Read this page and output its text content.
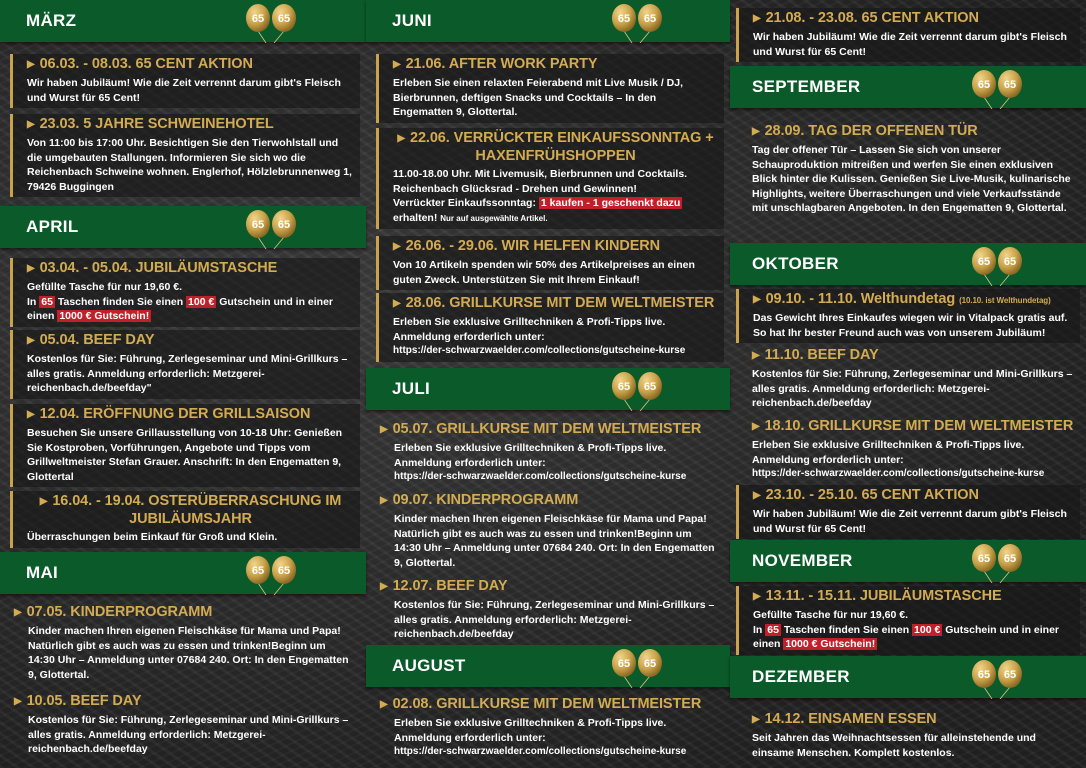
MÄRZ	65 65
▶ 06.03. - 08.03. 65 CENT AKTION
Wir haben Jubiläum! Wie die Zeit verrennt darum gibt's Fleisch und Wurst für 65 Cent!
▶ 23.03. 5 JAHRE SCHWEINEHOTEL
Von 11:00 bis 17:00 Uhr. Besichtigen Sie den Tierwohlstall und die umgebauten Stallungen. Informieren Sie sich wo die Reichenbach Schweine wohnen. Englerhof, Hölzlebrunnenweg 1, 79426 Buggingen
APRIL	65 65
▶ 03.04. - 05.04. JUBILÄUMSTASCHE
Gefüllte Tasche für nur 19,60 €.
In 65 Taschen finden Sie einen 100 € Gutschein und in einer einen 1000 € Gutschein!
▶ 05.04. BEEF DAY
Kostenlos für Sie: Führung, Zerlegeseminar und Mini-Grillkurs – alles gratis. Anmeldung erforderlich: Metzgerei-reichenbach.de/beefday"
▶ 12.04. ERÖFFNUNG DER GRILLSAISON
Besuchen Sie unsere Grillausstellung von 10-18 Uhr: Genießen Sie Kostproben, Vorführungen, Angebote und Tipps vom Grillweltmeister Stefan Grauer. Anschrift: In den Engematten 9, Glottertal
▶ 16.04. - 19.04. OSTERÜBERRASCHUNG IM
JUBILÄUMSJAHR
Überraschungen beim Einkauf für Groß und Klein.
MAI	65 65
▶ 07.05. KINDERPROGRAMM
Kinder machen Ihren eigenen Fleischkäse für Mama und Papa! Natürlich gibt es auch was zu essen und trinken!Beginn um 14:30 Uhr – Anmeldung unter 07684 240. Ort: In den Engematten 9, Glottertal.
▶ 10.05. BEEF DAY
Kostenlos für Sie: Führung, Zerlegeseminar und Mini-Grillkurs – alles gratis. Anmeldung erforderlich: Metzgerei-reichenbach.de/beefday
JUNI	65 65
▶ 21.06. AFTER WORK PARTY
Erleben Sie einen relaxten Feierabend mit Live Musik / DJ, Bierbrunnen, deftigen Snacks und Cocktails – In den Engematten 9, Glottertal.
▶ 22.06. VERRÜCKTER EINKAUFSSONNTAG +
HAXENFRÜHSHOPPEN
11.00-18.00 Uhr. Mit Livemusik, Bierbrunnen und Cocktails. Reichenbach Glücksrad - Drehen und Gewinnen!
Verrückter Einkaufssonntag: 1 kaufen - 1 geschenkt dazu erhalten! Nur auf ausgewählte Artikel.
▶ 26.06. - 29.06. WIR HELFEN KINDERN
Von 10 Artikeln spenden wir 50% des Artikelpreises an einen guten Zweck. Unterstützen Sie mit Ihrem Einkauf!
▶ 28.06. GRILLKURSE MIT DEM WELTMEISTER
Erleben Sie exklusive Grilltechniken & Profi-Tipps live. Anmeldung erforderlich unter:
https://der-schwarzwaelder.com/collections/gutscheine-kurse
JULI	65 65
▶ 05.07. GRILLKURSE MIT DEM WELTMEISTER
Erleben Sie exklusive Grilltechniken & Profi-Tipps live. Anmeldung erforderlich unter:
https://der-schwarzwaelder.com/collections/gutscheine-kurse
▶ 09.07. KINDERPROGRAMM
Kinder machen Ihren eigenen Fleischkäse für Mama und Papa! Natürlich gibt es auch was zu essen und trinken!Beginn um 14:30 Uhr – Anmeldung unter 07684 240. Ort: In den Engematten 9, Glottertal.
▶ 12.07. BEEF DAY
Kostenlos für Sie: Führung, Zerlegeseminar und Mini-Grillkurs – alles gratis. Anmeldung erforderlich: Metzgerei-reichenbach.de/beefday
AUGUST	65 65
▶ 02.08. GRILLKURSE MIT DEM WELTMEISTER
Erleben Sie exklusive Grilltechniken & Profi-Tipps live. Anmeldung erforderlich unter:
https://der-schwarzwaelder.com/collections/gutscheine-kurse
▶ 21.08. - 23.08. 65 CENT AKTION
Wir haben Jubiläum! Wie die Zeit verrennt darum gibt's Fleisch und Wurst für 65 Cent!
SEPTEMBER	65 65
▶ 28.09. TAG DER OFFENEN TÜR
Tag der offener Tür – Lassen Sie sich von unserer Schauproduktion mitreißen und werfen Sie einen exklusiven Blick hinter die Kulissen. Genießen Sie Live-Musik, kulinarische Highlights, weitere Überraschungen und viele Verkaufsstände mit unschlagbaren Angeboten. In den Engematten 9, Glottertal.
OKTOBER	65 65
▶ 09.10. - 11.10. Welthundetag (10.10. ist Welthundetag)
Das Gewicht Ihres Einkaufes wiegen wir in Vitalpack gratis auf. So hat Ihr bester Freund auch was von unserem Jubiläum!
▶ 11.10. BEEF DAY
Kostenlos für Sie: Führung, Zerlegeseminar und Mini-Grillkurs – alles gratis. Anmeldung erforderlich: Metzgerei-reichenbach.de/beefday
▶ 18.10. GRILLKURSE MIT DEM WELTMEISTER
Erleben Sie exklusive Grilltechniken & Profi-Tipps live. Anmeldung erforderlich unter:
https://der-schwarzwaelder.com/collections/gutscheine-kurse
▶ 23.10. - 25.10. 65 CENT AKTION
Wir haben Jubiläum! Wie die Zeit verrennt darum gibt's Fleisch und Wurst für 65 Cent!
NOVEMBER	65 65
▶ 13.11. - 15.11. JUBILÄUMSTASCHE
Gefüllte Tasche für nur 19,60 €.
In 65 Taschen finden Sie einen 100 € Gutschein und in einer einen 1000 € Gutschein!
DEZEMBER	65 65
▶ 14.12. EINSAMEN ESSEN
Seit Jahren das Weihnachtsessen für alleinstehende und einsame Menschen. Komplett kostenlos.
